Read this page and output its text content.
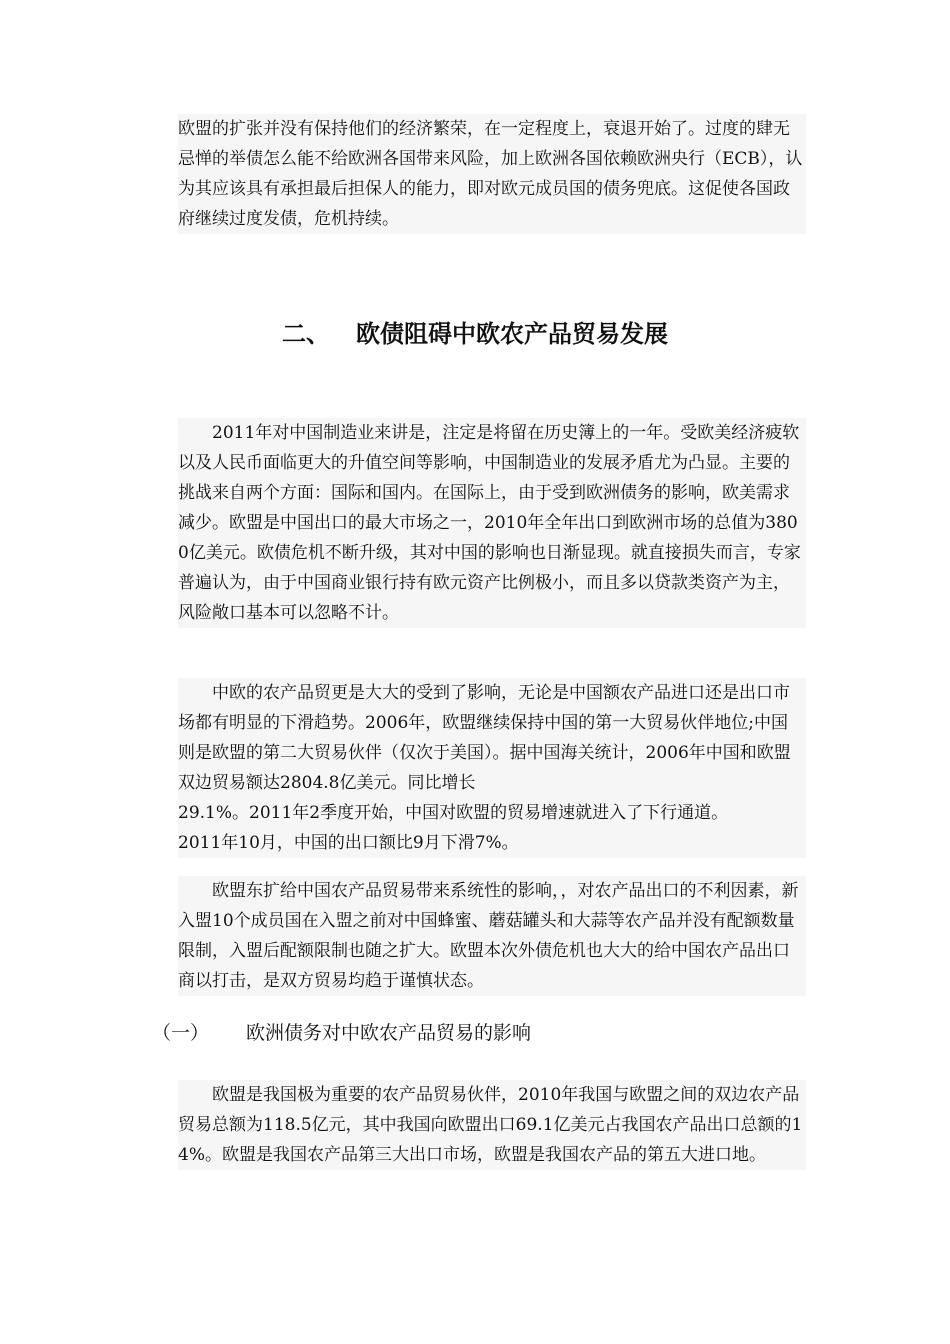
欧盟的扩张并没有保持他们的经济繁荣，在一定程度上，衰退开始了。过度的肆无忌惮的举债怎么能不给欧洲各国带来风险，加上欧洲各国依赖欧洲央行（ECB），认为其应该具有承担最后担保人的能力，即对欧元成员国的债务兜底。这促使各国政府继续过度发债，危机持续。
二、 欧债阻碍中欧农产品贸易发展
2011年对中国制造业来讲是，注定是将留在历史簿上的一年。受欧美经济疲软以及人民币面临更大的升值空间等影响，中国制造业的发展矛盾尤为凸显。主要的挑战来自两个方面：国际和国内。在国际上，由于受到欧洲债务的影响，欧美需求减少。欧盟是中国出口的最大市场之一，2010年全年出口到欧洲市场的总值为3800亿美元。欧债危机不断升级，其对中国的影响也日渐显现。就直接损失而言，专家普遍认为，由于中国商业银行持有欧元资产比例极小，而且多以贷款类资产为主，风险敞口基本可以忽略不计。
中欧的农产品贸更是大大的受到了影响，无论是中国额农产品进口还是出口市场都有明显的下滑趋势。2006年，欧盟继续保持中国的第一大贸易伙伴地位;中国则是欧盟的第二大贸易伙伴（仅次于美国）。据中国海关统计，2006年中国和欧盟双边贸易额达2804.8亿美元。同比增长
29.1%。2011年2季度开始，中国对欧盟的贸易增速就进入了下行通道。
2011年10月，中国的出口额比9月下滑7%。
欧盟东扩给中国农产品贸易带来系统性的影响，，对农产品出口的不利因素，新入盟10个成员国在入盟之前对中国蜂蜜、蘑菇罐头和大蒜等农产品并没有配额数量限制，入盟后配额限制也随之扩大。欧盟本次外债危机也大大的给中国农产品出口商以打击，是双方贸易均趋于谨慎状态。
（一） 欧洲债务对中欧农产品贸易的影响
欧盟是我国极为重要的农产品贸易伙伴，2010年我国与欧盟之间的双边农产品贸易总额为118.5亿元，其中我国向欧盟出口69.1亿美元占我国农产品出口总额的14%。欧盟是我国农产品第三大出口市场，欧盟是我国农产品的第五大进口地。
